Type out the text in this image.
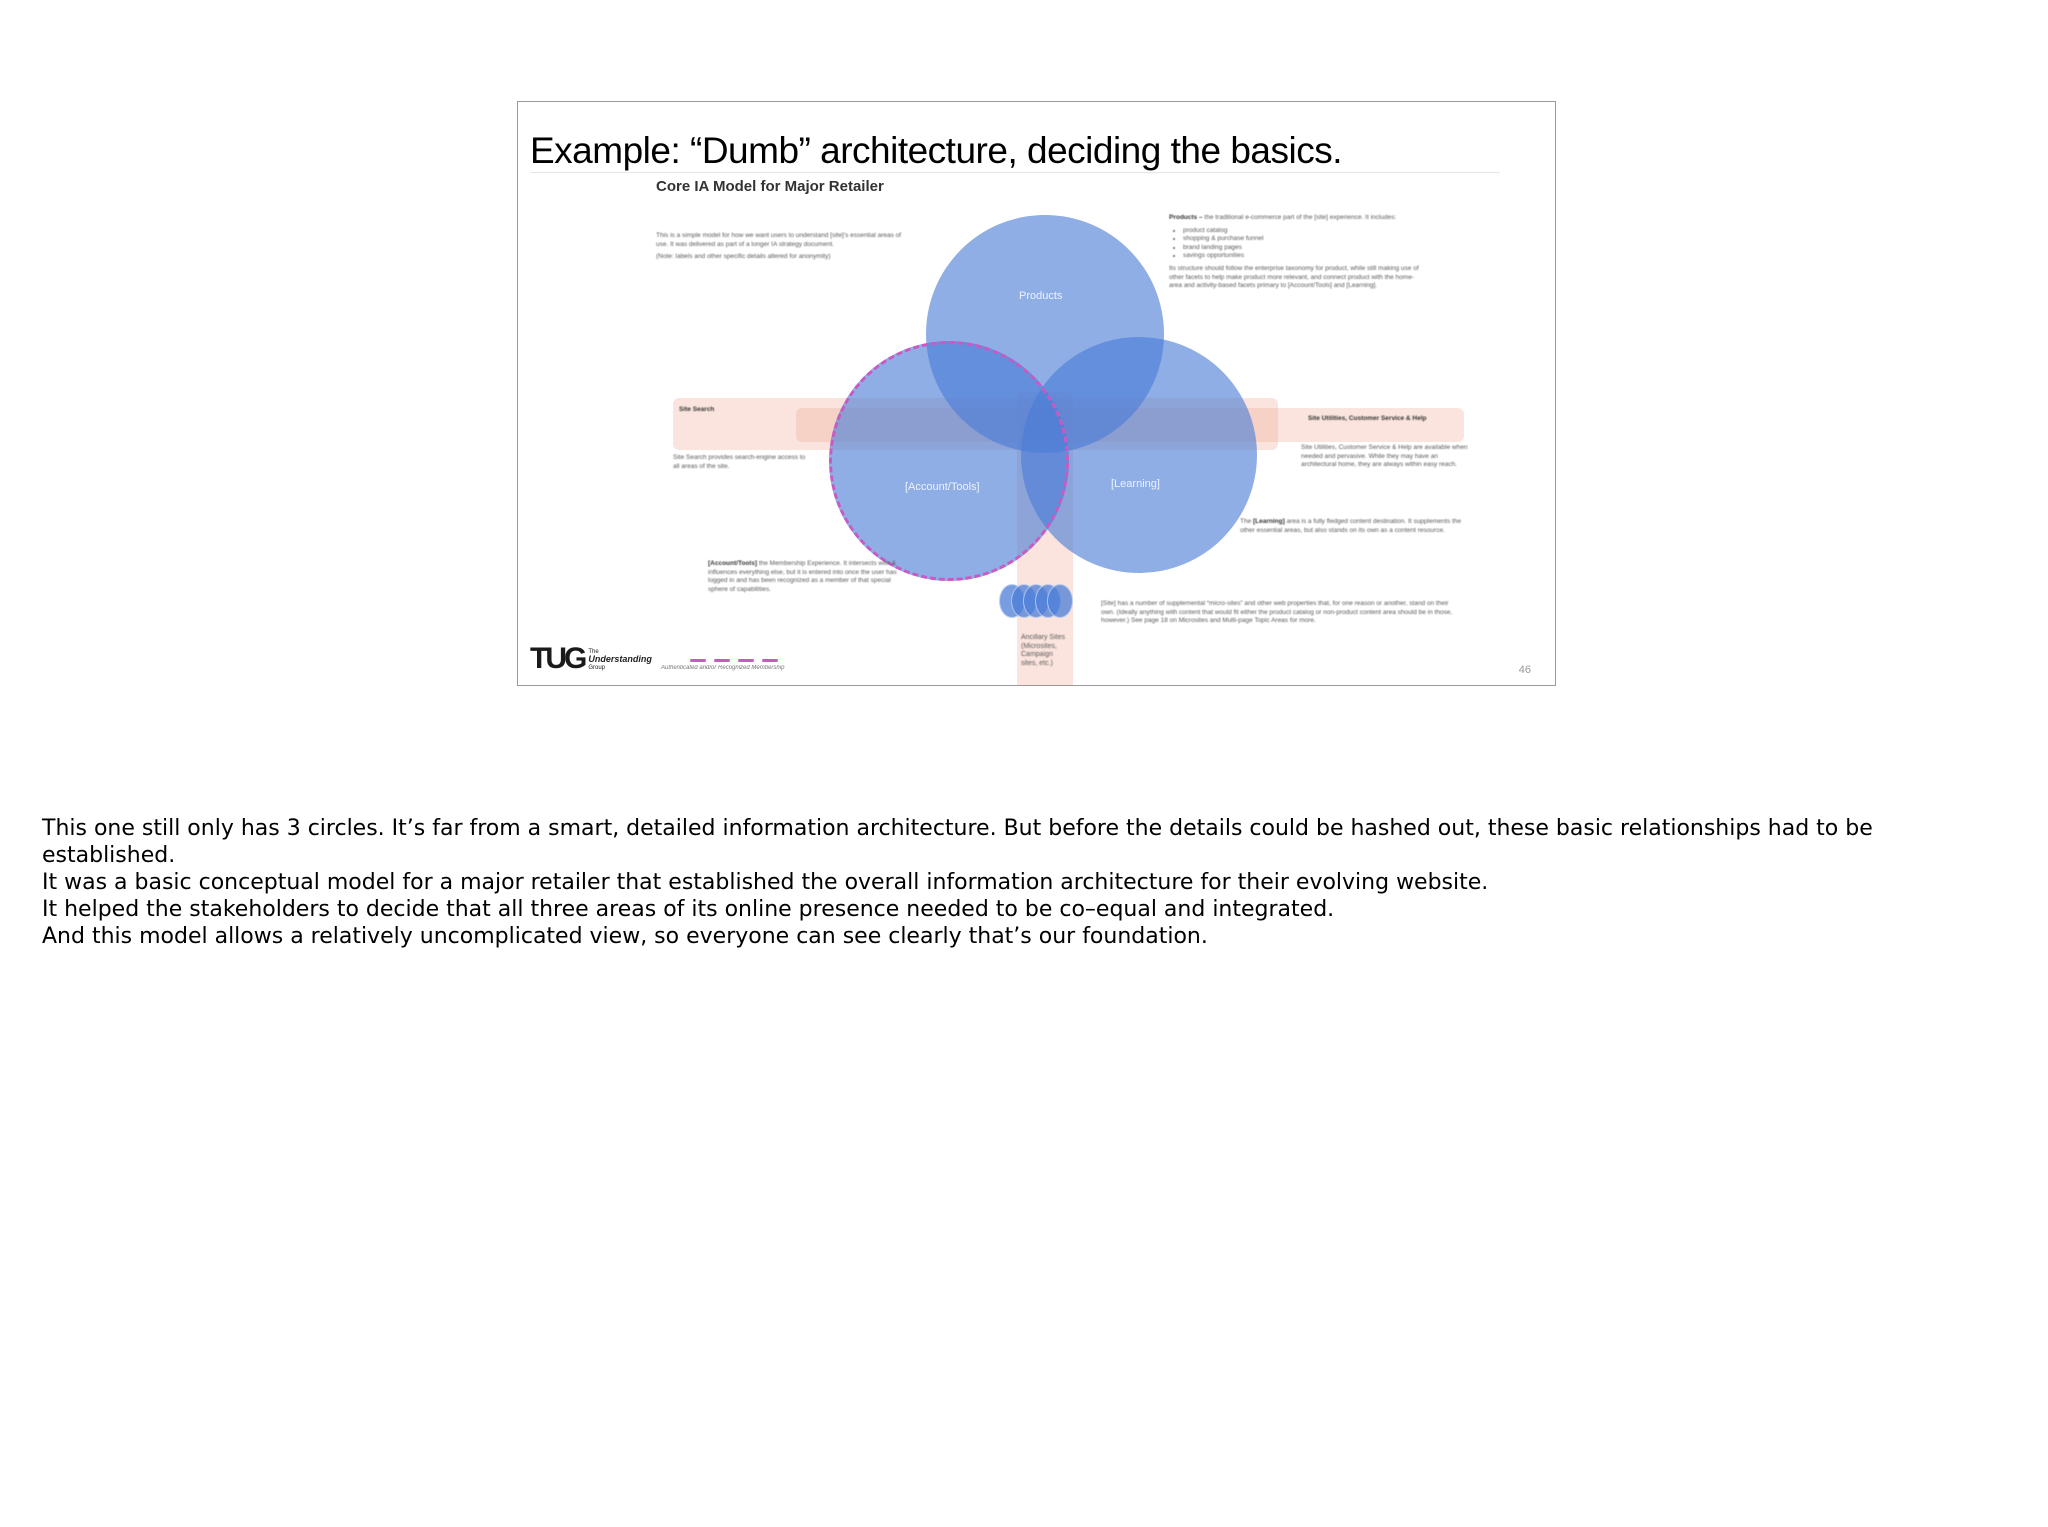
Example: “Dumb” architecture, deciding the basics.
Core IA Model for Major Retailer

This is a simple model for how we want users to understand [site]'s essential areas of use. It was delivered as part of a longer IA strategy document.

(Note: labels and other specific details altered for anonymity)

Products – the traditional e-commerce part of the [site] experience. It includes:

• product catalog
• shopping & purchase funnel
• brand landing pages
• savings opportunities

Its structure should follow the enterprise taxonomy for product, while still making use of other facets to help make product more relevant, and connect product with the home-area and activity-based facets primary to [Account/Tools] and [Learning].

Products
[Account/Tools]	[Learning]
Site Search
Site Search provides search-engine access to all areas of the site.
Site Utilities, Customer Service & Help
Site Utilities, Customer Service & Help are available when needed and pervasive. While they may have an architectural home, they are always within easy reach.
The [Learning] area is a fully fledged content destination. It supplements the other essential areas, but also stands on its own as a content resource.
[Account/Tools] the Membership Experience. It intersects with & influences everything else, but it is entered into once the user has logged in and has been recognized as a member of that special sphere of capabilities.
Ancillary Sites (Microsites, Campaign sites, etc.)
[Site] has a number of supplemental “micro-sites” and other web properties that, for one reason or another, stand on their own. (Ideally anything with content that would fit either the product catalog or non-product content area should be in those, however.) See page 18 on Microsites and Multi-page Topic Areas for more.
TUG The
Understanding
Group	Authenticated and/or Recognized Membership	46

This one still only has 3 circles. It’s far from a smart, detailed information architecture. But before the details could be hashed out, these basic relationships had to be established.

It was a basic conceptual model for a major retailer that established the overall information architecture for their evolving website.

It helped the stakeholders to decide that all three areas of its online presence needed to be co–equal and integrated.

And this model allows a relatively uncomplicated view, so everyone can see clearly that’s our foundation.
